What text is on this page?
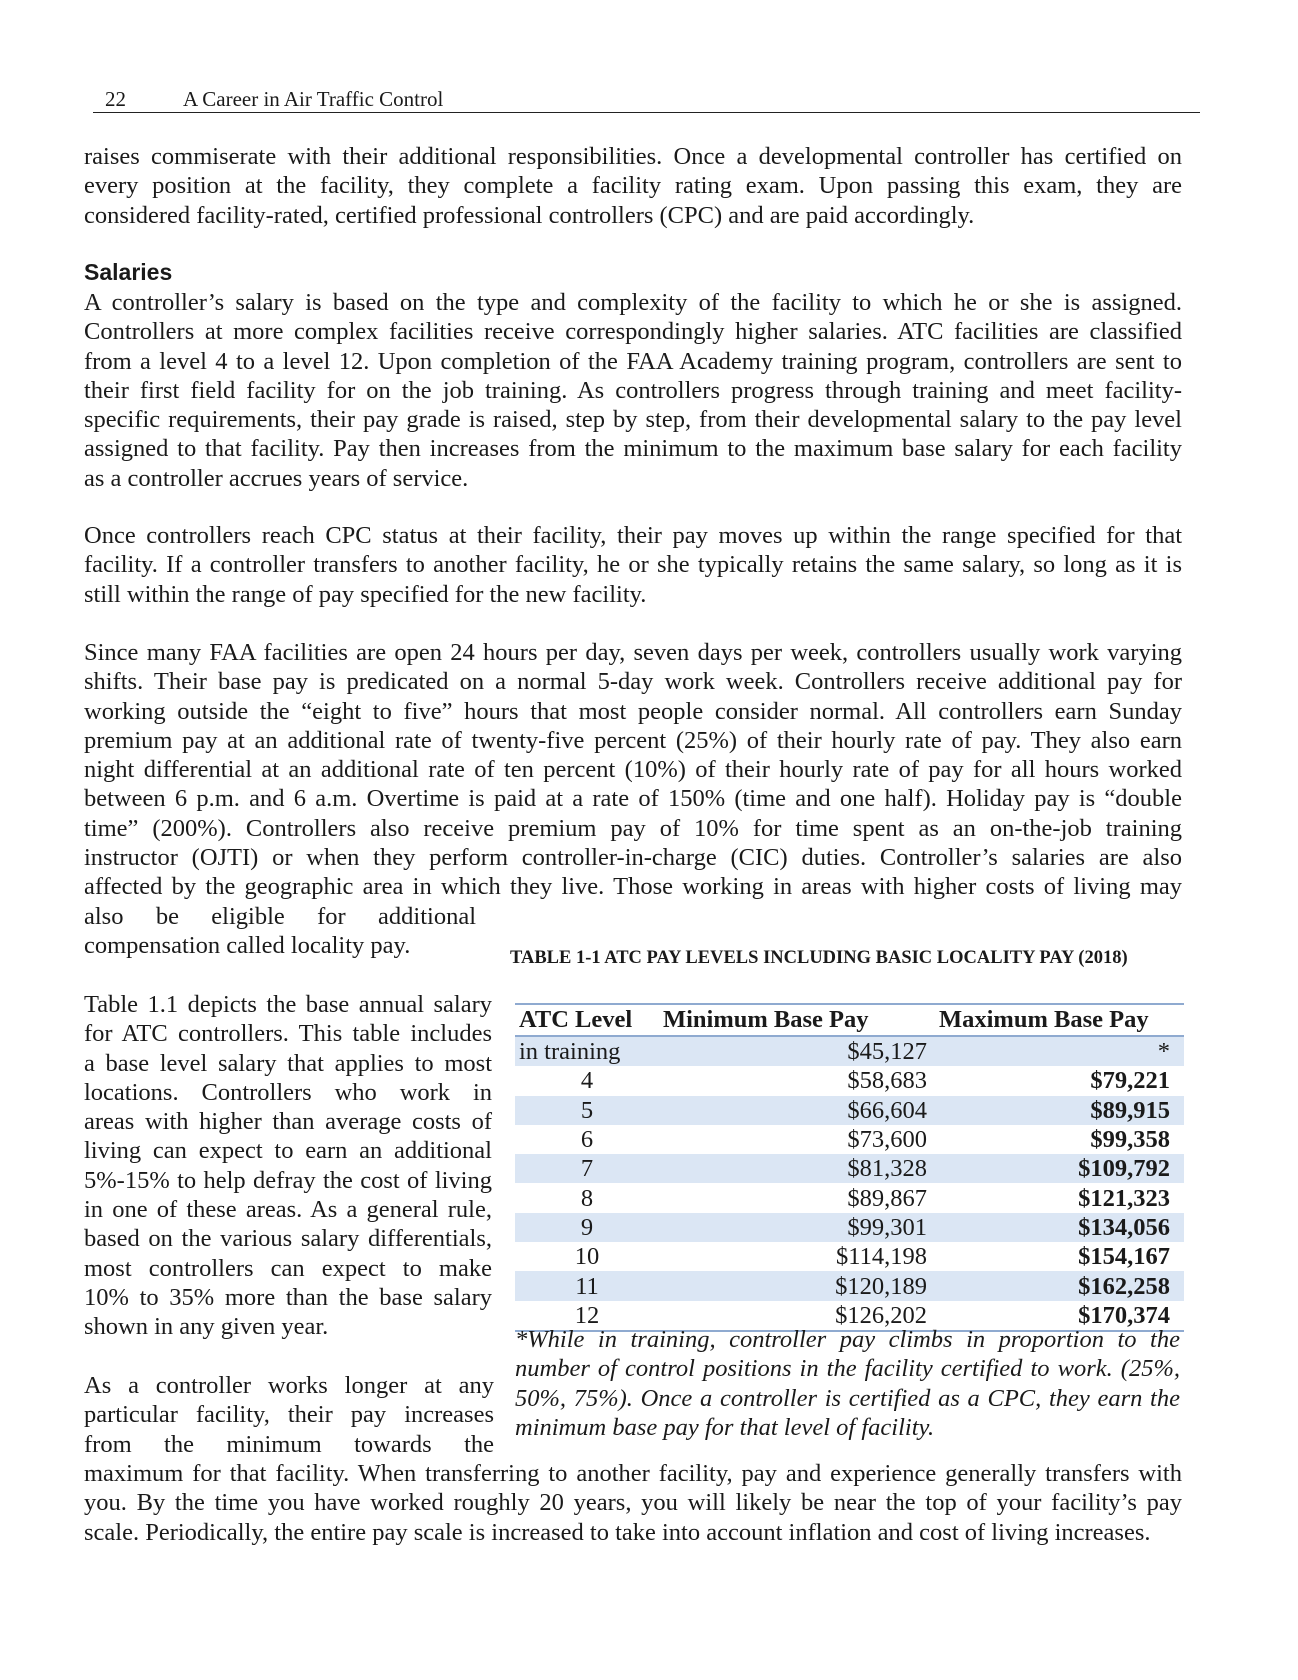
22	A Career in Air Traffic Control
raises commiserate with their additional responsibilities. Once a developmental controller has certified on
every position at the facility, they complete a facility rating exam. Upon passing this exam, they are
considered facility-rated, certified professional controllers (CPC) and are paid accordingly.
Salaries
A controller’s salary is based on the type and complexity of the facility to which he or she is assigned.
Controllers at more complex facilities receive correspondingly higher salaries. ATC facilities are classified
from a level 4 to a level 12. Upon completion of the FAA Academy training program, controllers are sent to
their first field facility for on the job training. As controllers progress through training and meet facility-
specific requirements, their pay grade is raised, step by step, from their developmental salary to the pay level
assigned to that facility. Pay then increases from the minimum to the maximum base salary for each facility
as a controller accrues years of service.
Once controllers reach CPC status at their facility, their pay moves up within the range specified for that
facility. If a controller transfers to another facility, he or she typically retains the same salary, so long as it is
still within the range of pay specified for the new facility.
Since many FAA facilities are open 24 hours per day, seven days per week, controllers usually work varying
shifts. Their base pay is predicated on a normal 5-day work week. Controllers receive additional pay for
working outside the “eight to five” hours that most people consider normal. All controllers earn Sunday
premium pay at an additional rate of twenty-five percent (25%) of their hourly rate of pay. They also earn
night differential at an additional rate of ten percent (10%) of their hourly rate of pay for all hours worked
between 6 p.m. and 6 a.m. Overtime is paid at a rate of 150% (time and one half). Holiday pay is “double
time” (200%). Controllers also receive premium pay of 10% for time spent as an on-the-job training
instructor (OJTI) or when they perform controller-in-charge (CIC) duties. Controller’s salaries are also
affected by the geographic area in which they live. Those working in areas with higher costs of living may
also be eligible for additional
compensation called locality pay.
Table 1.1 depicts the base annual salary
for ATC controllers. This table includes
a base level salary that applies to most
locations. Controllers who work in
areas with higher than average costs of
living can expect to earn an additional
5%-15% to help defray the cost of living
in one of these areas. As a general rule,
based on the various salary differentials,
most controllers can expect to make
10% to 35% more than the base salary
shown in any given year.
As a controller works longer at any
particular facility, their pay increases
from the minimum towards the
maximum for that facility. When transferring to another facility, pay and experience generally transfers with
you. By the time you have worked roughly 20 years, you will likely be near the top of your facility’s pay
scale. Periodically, the entire pay scale is increased to take into account inflation and cost of living increases.
TABLE 1-1 ATC PAY LEVELS INCLUDING BASIC LOCALITY PAY (2018)
ATC Level	Minimum Base Pay	Maximum Base Pay
in training	$45,127	*
4	$58,683	$79,221
5	$66,604	$89,915
6	$73,600	$99,358
7	$81,328	$109,792
8	$89,867	$121,323
9	$99,301	$134,056
10	$114,198	$154,167
11	$120,189	$162,258
12	$126,202	$170,374
*While in training, controller pay climbs in proportion to the
number of control positions in the facility certified to work. (25%,
50%, 75%). Once a controller is certified as a CPC, they earn the
minimum base pay for that level of facility.
